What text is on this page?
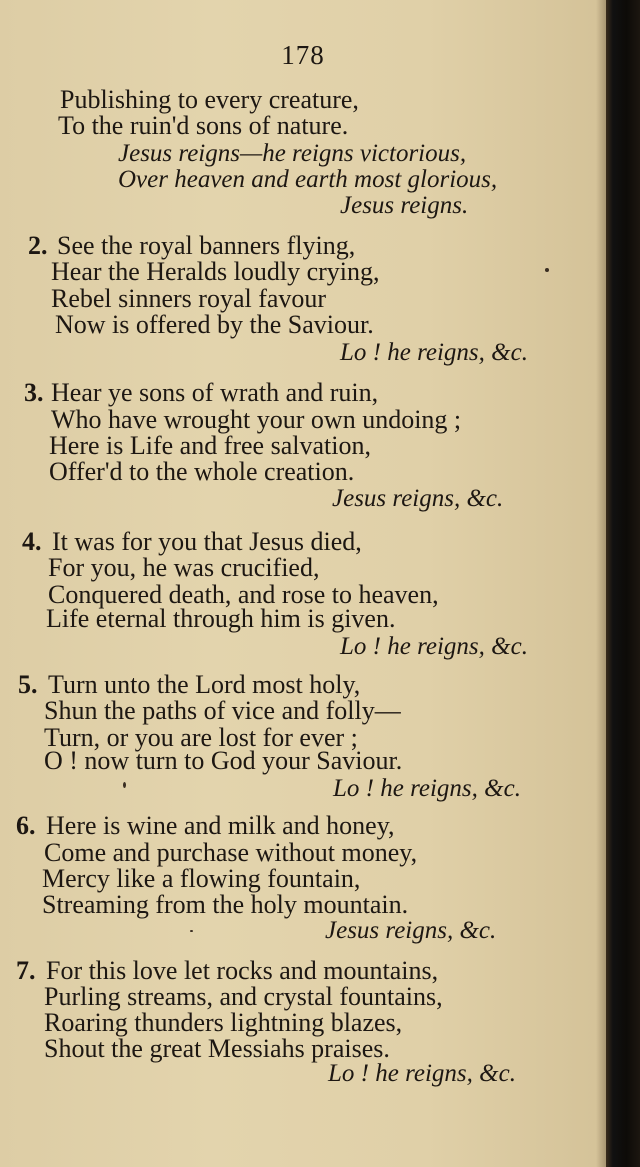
178
Publishing to every creature,
To the ruin'd sons of nature.
Jesus reigns—he reigns victorious,
Over heaven and earth most glorious,
Jesus reigns.
2. See the royal banners flying,
Hear the Heralds loudly crying,
Rebel sinners royal favour
Now is offered by the Saviour.
Lo ! he reigns, &c.
3. Hear ye sons of wrath and ruin,
Who have wrought your own undoing ;
Here is Life and free salvation,
Offer'd to the whole creation.
Jesus reigns, &c.
4. It was for you that Jesus died,
For you, he was crucified,
Conquered death, and rose to heaven,
Life eternal through him is given.
Lo ! he reigns, &c.
5. Turn unto the Lord most holy,
Shun the paths of vice and folly—
Turn, or you are lost for ever ;
O ! now turn to God your Saviour.
Lo ! he reigns, &c.
6. Here is wine and milk and honey,
Come and purchase without money,
Mercy like a flowing fountain,
Streaming from the holy mountain.
Jesus reigns, &c.
7. For this love let rocks and mountains,
Purling streams, and crystal fountains,
Roaring thunders lightning blazes,
Shout the great Messiahs praises.
Lo ! he reigns, &c.
